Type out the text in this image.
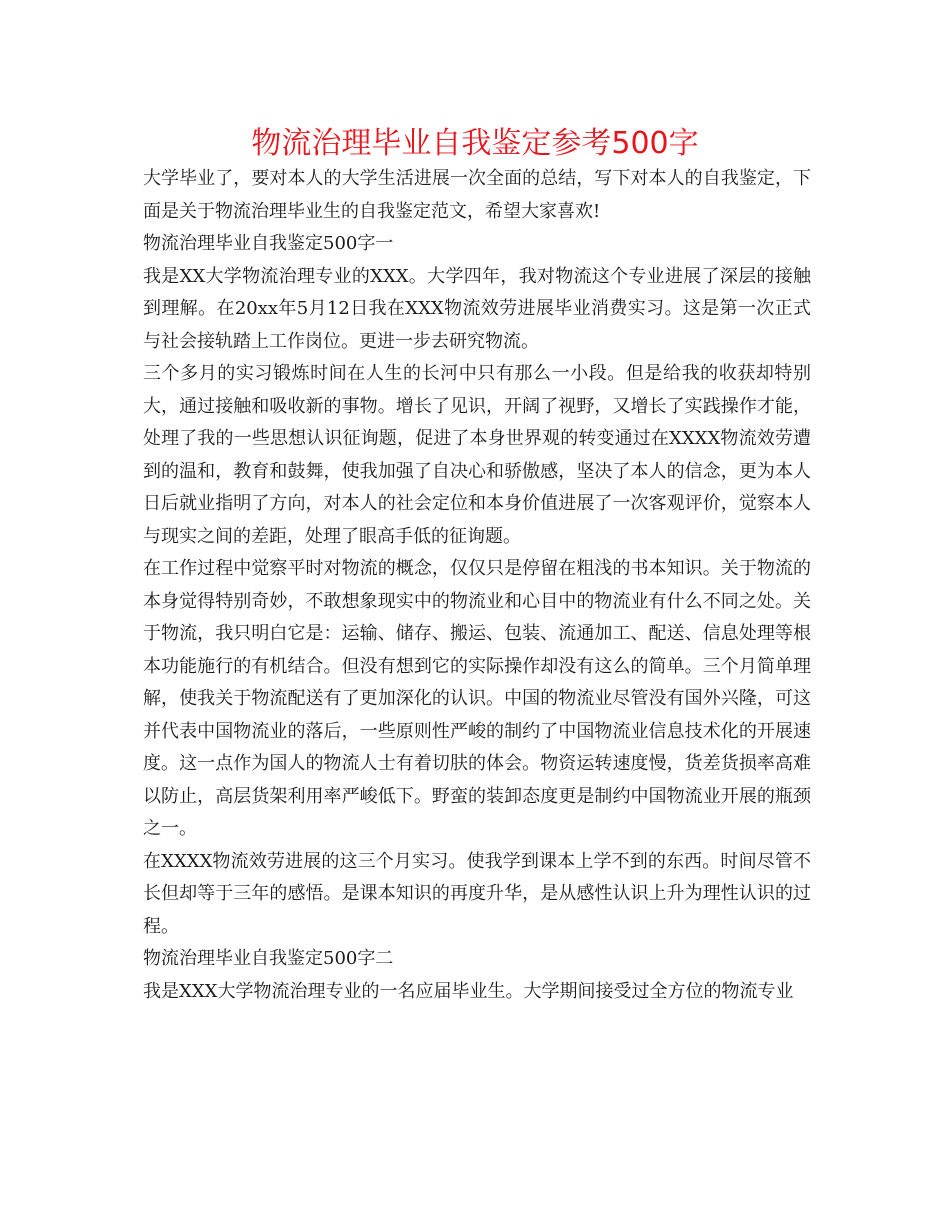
物流治理毕业自我鉴定参考500字

大学毕业了，要对本人的大学生活进展一次全面的总结，写下对本人的自我鉴定，下面是关于物流治理毕业生的自我鉴定范文，希望大家喜欢!

物流治理毕业自我鉴定500字一

我是XX大学物流治理专业的XXX。大学四年，我对物流这个专业进展了深层的接触到理解。在20xx年5月12日我在XXX物流效劳进展毕业消费实习。这是第一次正式与社会接轨踏上工作岗位。更进一步去研究物流。

三个多月的实习锻炼时间在人生的长河中只有那么一小段。但是给我的收获却特别大，通过接触和吸收新的事物。增长了见识，开阔了视野，又增长了实践操作才能，处理了我的一些思想认识征询题，促进了本身世界观的转变通过在XXXX物流效劳遭到的温和，教育和鼓舞，使我加强了自决心和骄傲感，坚决了本人的信念，更为本人日后就业指明了方向，对本人的社会定位和本身价值进展了一次客观评价，觉察本人与现实之间的差距，处理了眼高手低的征询题。

在工作过程中觉察平时对物流的概念，仅仅只是停留在粗浅的书本知识。关于物流的本身觉得特别奇妙，不敢想象现实中的物流业和心目中的物流业有什么不同之处。关于物流，我只明白它是：运输、储存、搬运、包装、流通加工、配送、信息处理等根本功能施行的有机结合。但没有想到它的实际操作却没有这么的简单。三个月简单理解，使我关于物流配送有了更加深化的认识。中国的物流业尽管没有国外兴隆，可这并代表中国物流业的落后，一些原则性严峻的制约了中国物流业信息技术化的开展速度。这一点作为国人的物流人士有着切肤的体会。物资运转速度慢，货差货损率高难以防止，高层货架利用率严峻低下。野蛮的装卸态度更是制约中国物流业开展的瓶颈之一。

在XXXX物流效劳进展的这三个月实习。使我学到课本上学不到的东西。时间尽管不长但却等于三年的感悟。是课本知识的再度升华，是从感性认识上升为理性认识的过程。

物流治理毕业自我鉴定500字二

我是XXX大学物流治理专业的一名应届毕业生。大学期间接受过全方位的物流专业
